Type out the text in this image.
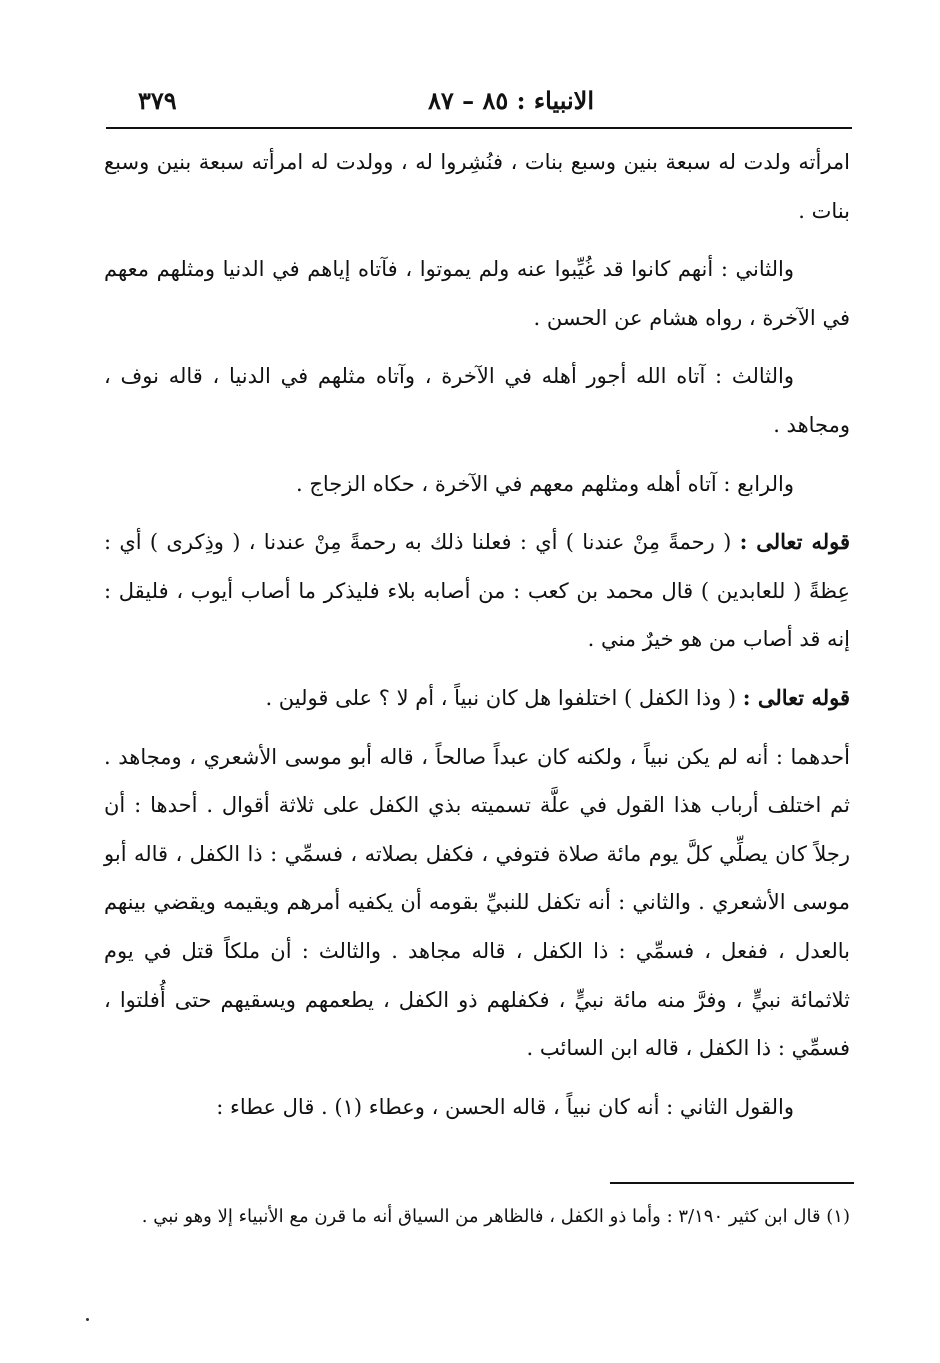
الانبياء : ٨٥ – ٨٧
٣٧٩

امرأته ولدت له سبعة بنين وسبع بنات ، فنُشِروا له ، وولدت له امرأته سبعة بنين وسبع بنات .

والثاني : أنهم كانوا قد غُيِّبوا عنه ولم يموتوا ، فآتاه إياهم في الدنيا ومثلهم معهم في الآخرة ، رواه هشام عن الحسن .

والثالث : آتاه الله أجور أهله في الآخرة ، وآتاه مثلهم في الدنيا ، قاله نوف ، ومجاهد .

والرابع : آتاه أهله ومثلهم معهم في الآخرة ، حكاه الزجاج .

قوله تعالى : ( رحمةً مِنْ عندنا ) أي : فعلنا ذلك به رحمةً مِنْ عندنا ، ( وذِكرى ) أي : عِظةً ( للعابدين ) قال محمد بن كعب : من أصابه بلاء فليذكر ما أصاب أيوب ، فليقل : إنه قد أصاب من هو خيرٌ مني .

قوله تعالى : ( وذا الكفل ) اختلفوا هل كان نبياً ، أم لا ؟ على قولين .

أحدهما : أنه لم يكن نبياً ، ولكنه كان عبداً صالحاً ، قاله أبو موسى الأشعري ، ومجاهد . ثم اختلف أرباب هذا القول في علَّة تسميته بذي الكفل على ثلاثة أقوال . أحدها : أن رجلاً كان يصلِّي كلَّ يوم مائة صلاة فتوفي ، فكفل بصلاته ، فسمِّي : ذا الكفل ، قاله أبو موسى الأشعري . والثاني : أنه تكفل للنبيِّ بقومه أن يكفيه أمرهم ويقيمه ويقضي بينهم بالعدل ، ففعل ، فسمِّي : ذا الكفل ، قاله مجاهد . والثالث : أن ملكاً قتل في يوم ثلاثمائة نبيٍّ ، وفرَّ منه مائة نبيٍّ ، فكفلهم ذو الكفل ، يطعمهم ويسقيهم حتى أُفلتوا ، فسمِّي : ذا الكفل ، قاله ابن السائب .

والقول الثاني : أنه كان نبياً ، قاله الحسن ، وعطاء (١) . قال عطاء :

(١) قال ابن كثير ٣/١٩٠ : وأما ذو الكفل ، فالظاهر من السياق أنه ما قرن مع الأنبياء إلا وهو نبي .
